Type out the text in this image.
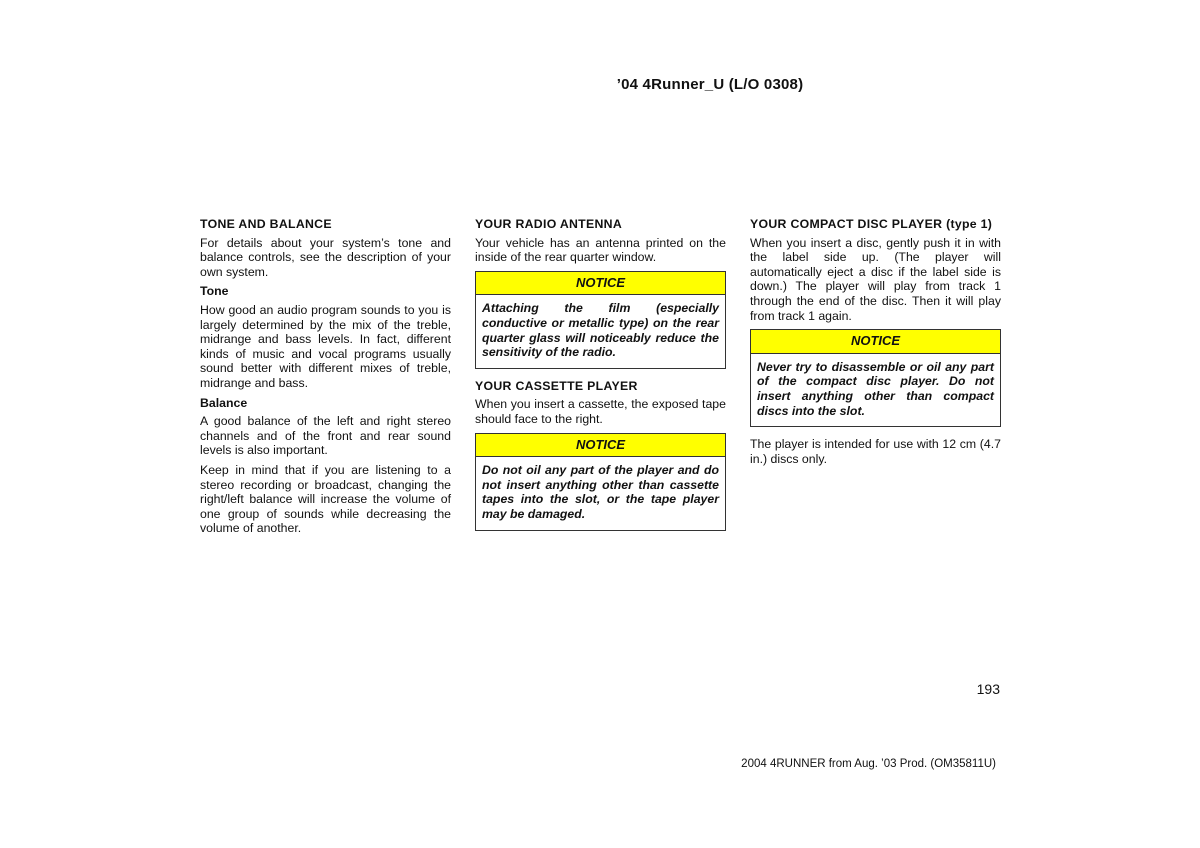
’04 4Runner_U (L/O 0308)
TONE AND BALANCE

For details about your system’s tone and balance controls, see the description of your own system.

Tone

How good an audio program sounds to you is largely determined by the mix of the treble, midrange and bass levels. In fact, different kinds of music and vocal programs usually sound better with different mixes of treble, midrange and bass.

Balance

A good balance of the left and right stereo channels and of the front and rear sound levels is also important.

Keep in mind that if you are listening to a stereo recording or broadcast, changing the right/left balance will increase the volume of one group of sounds while decreasing the volume of another.

YOUR RADIO ANTENNA

Your vehicle has an antenna printed on the inside of the rear quarter window.

NOTICE
Attaching the film (especially conductive or metallic type) on the rear quarter glass will noticeably reduce the sensitivity of the radio.
YOUR CASSETTE PLAYER

When you insert a cassette, the exposed tape should face to the right.

NOTICE
Do not oil any part of the player and do not insert anything other than cassette tapes into the slot, or the tape player may be damaged.
YOUR COMPACT DISC PLAYER (type 1)

When you insert a disc, gently push it in with the label side up. (The player will automatically eject a disc if the label side is down.) The player will play from track 1 through the end of the disc. Then it will play from track 1 again.

NOTICE
Never try to disassemble or oil any part of the compact disc player. Do not insert anything other than compact discs into the slot.

The player is intended for use with 12 cm (4.7 in.) discs only.

193
2004 4RUNNER from Aug. ’03 Prod. (OM35811U)
